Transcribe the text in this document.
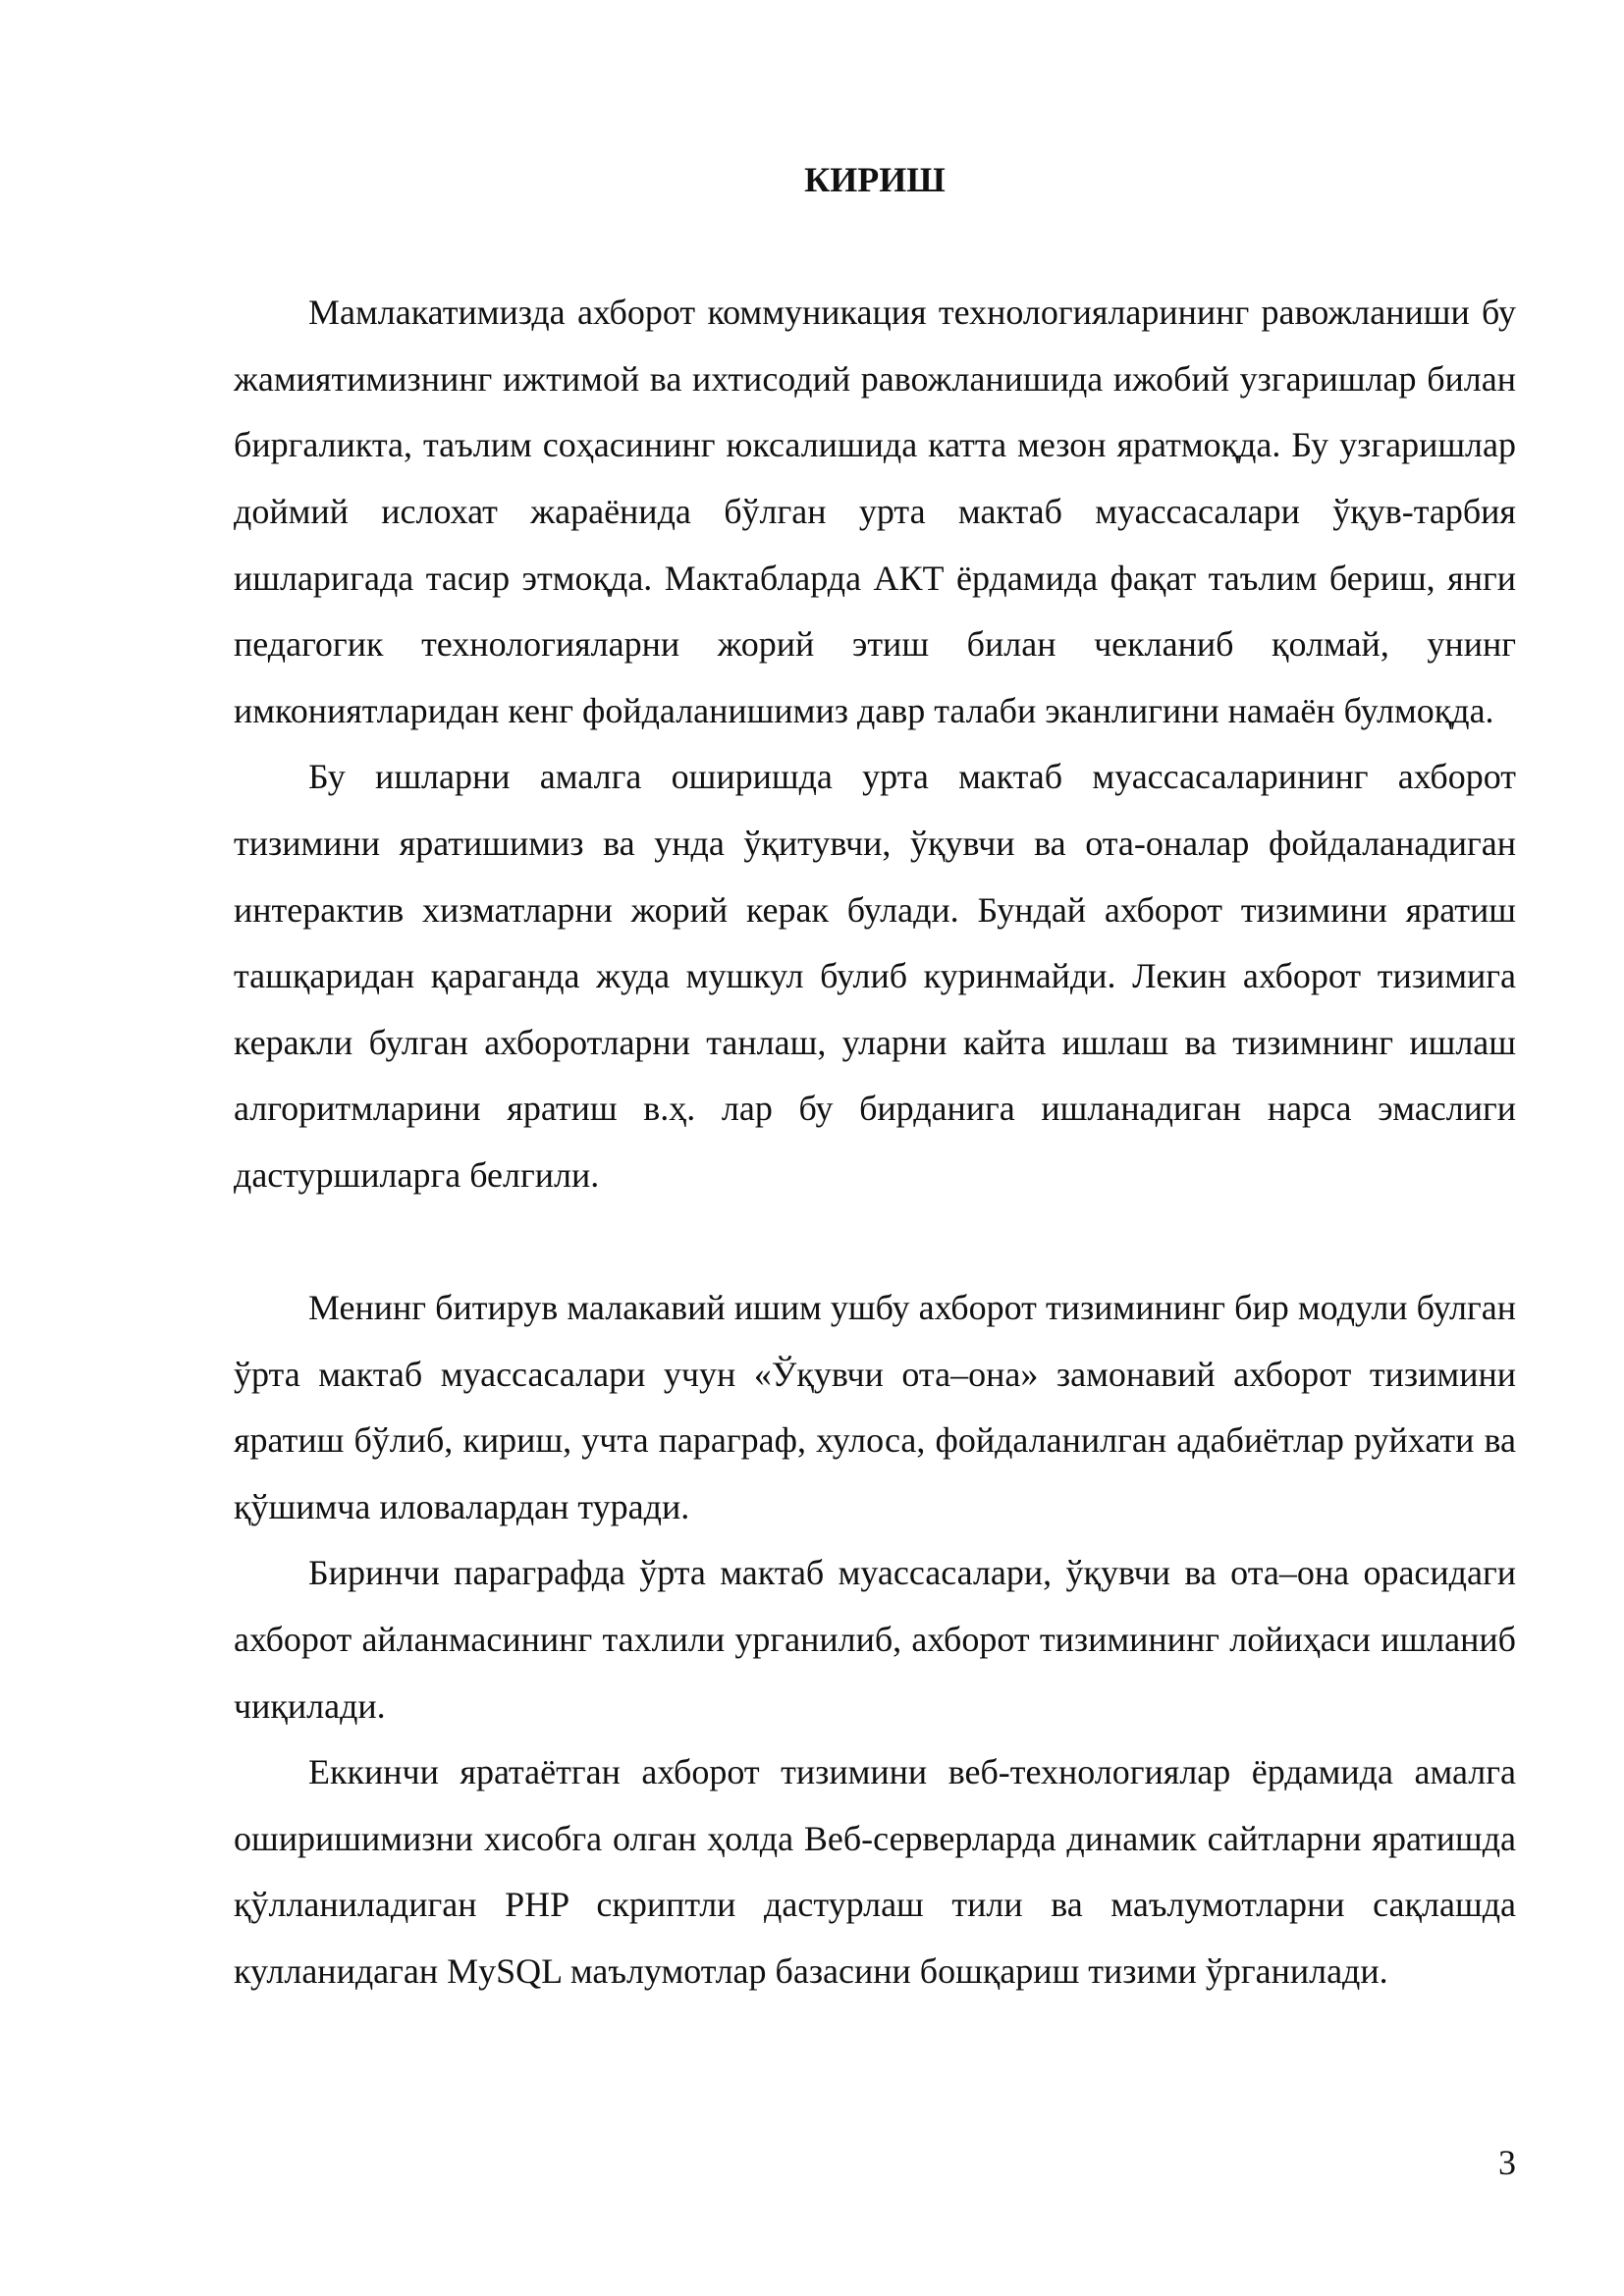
КИРИШ

Мамлакатимизда ахборот коммуникация технологияларининг равожланиши бу жамиятимизнинг ижтимой ва ихтисодий равожланишида ижобий узгаришлар билан биргаликта, таълим соҳасининг юксалишида катта мезон яратмоқда. Бу узгаришлар доймий ислохат жараёнида бўлган урта мактаб муассасалари ўқув-тарбия ишларигада тасир этмоқда. Мактабларда АКТ ёрдамида фақат таълим бериш, янги педагогик технологияларни жорий этиш билан чекланиб қолмай, унинг имкониятларидан кенг фойдаланишимиз давр талаби эканлигини намаён булмоқда.

Бу ишларни амалга оширишда урта мактаб муассасаларининг ахборот тизимини яратишимиз ва унда ўқитувчи, ўқувчи ва ота-оналар фойдаланадиган интерактив хизматларни жорий керак булади. Бундай ахборот тизимини яратиш ташқаридан қараганда жуда мушкул булиб куринмайди. Лекин ахборот тизимига керакли булган ахборотларни танлаш, уларни кайта ишлаш ва тизимнинг ишлаш алгоритмларини яратиш в.ҳ. лар бу бирданига ишланадиган нарса эмаслиги дастуршиларга белгили.

Менинг битирув малакавий ишим ушбу ахборот тизимининг бир модули булган ўрта мактаб муассасалари учун «Ўқувчи ота–она» замонавий ахборот тизимини яратиш бўлиб, кириш, учта параграф, хулоса, фойдаланилган адабиётлар руйхати ва қўшимча иловалардан туради.

Биринчи параграфда ўрта мактаб муассасалари, ўқувчи ва ота–она орасидаги ахборот айланмасининг тахлили урганилиб, ахборот тизимининг лойиҳаси ишланиб чиқилади.

Еккинчи яратаётган ахборот тизимини веб-технологиялар ёрдамида амалга оширишимизни хисобга олган ҳолда Веб-серверларда динамик сайтларни яратишда қўлланиладиган PHP скриптли дастурлаш тили ва маълумотларни сақлашда кулланидаган MySQL маълумотлар базасини бошқариш тизими ўрганилади.

3
